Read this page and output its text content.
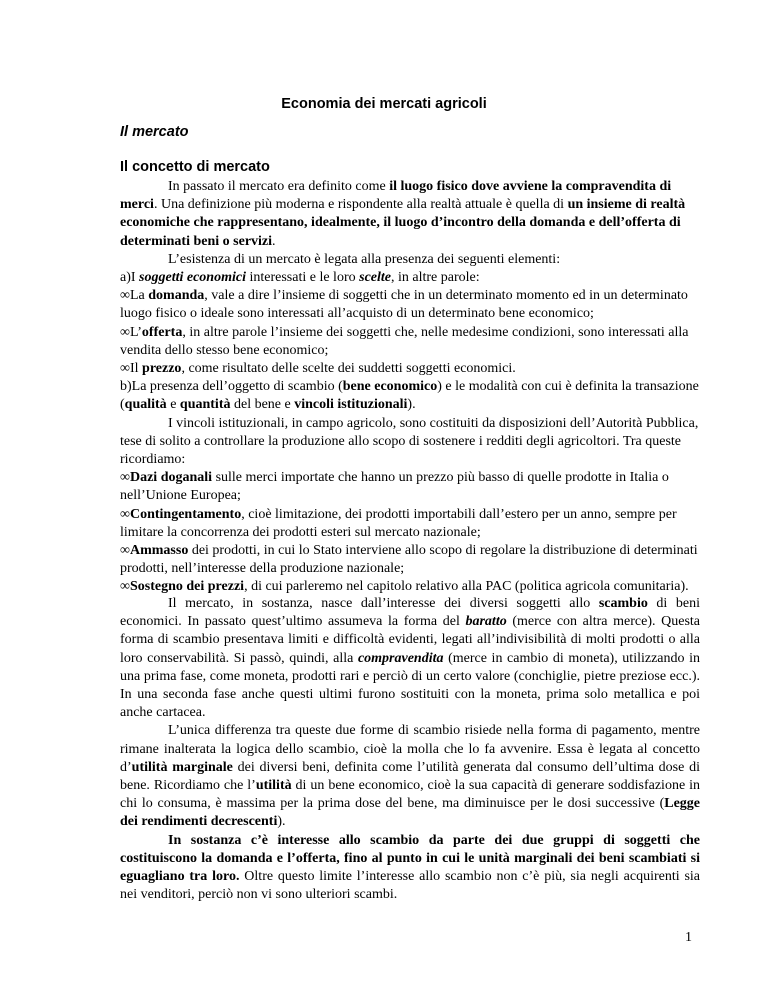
Economia dei mercati agricoli
Il mercato
Il concetto di mercato

In passato il mercato era definito come il luogo fisico dove avviene la compravendita di merci. Una definizione più moderna e rispondente alla realtà attuale è quella di un insieme di realtà economiche che rappresentano, idealmente, il luogo d’incontro della domanda e dell’offerta di determinati beni o servizi.

L’esistenza di un mercato è legata alla presenza dei seguenti elementi:

a)I soggetti economici interessati e le loro scelte, in altre parole:

∞La domanda, vale a dire l’insieme di soggetti che in un determinato momento ed in un determinato luogo fisico o ideale sono interessati all’acquisto di un determinato bene economico;

∞L’offerta, in altre parole l’insieme dei soggetti che, nelle medesime condizioni, sono interessati alla vendita dello stesso bene economico;

∞Il prezzo, come risultato delle scelte dei suddetti soggetti economici.

b)La presenza dell’oggetto di scambio (bene economico) e le modalità con cui è definita la transazione (qualità e quantità del bene e vincoli istituzionali).

I vincoli istituzionali, in campo agricolo, sono costituiti da disposizioni dell’Autorità Pubblica, tese di solito a controllare la produzione allo scopo di sostenere i redditi degli agricoltori. Tra queste ricordiamo:

∞Dazi doganali sulle merci importate che hanno un prezzo più basso di quelle prodotte in Italia o nell’Unione Europea;

∞Contingentamento, cioè limitazione, dei prodotti importabili dall’estero per un anno, sempre per limitare la concorrenza dei prodotti esteri sul mercato nazionale;

∞Ammasso dei prodotti, in cui lo Stato interviene allo scopo di regolare la distribuzione di determinati prodotti, nell’interesse della produzione nazionale;

∞Sostegno dei prezzi, di cui parleremo nel capitolo relativo alla PAC (politica agricola comunitaria).

Il mercato, in sostanza, nasce dall’interesse dei diversi soggetti allo scambio di beni economici. In passato quest’ultimo assumeva la forma del baratto (merce con altra merce). Questa forma di scambio presentava limiti e difficoltà evidenti, legati all’indivisibilità di molti prodotti o alla loro conservabilità. Si passò, quindi, alla compravendita (merce in cambio di moneta), utilizzando in una prima fase, come moneta, prodotti rari e perciò di un certo valore (conchiglie, pietre preziose ecc.). In una seconda fase anche questi ultimi furono sostituiti con la moneta, prima solo metallica e poi anche cartacea.

L’unica differenza tra queste due forme di scambio risiede nella forma di pagamento, mentre rimane inalterata la logica dello scambio, cioè la molla che lo fa avvenire. Essa è legata al concetto d’utilità marginale dei diversi beni, definita come l’utilità generata dal consumo dell’ultima dose di bene. Ricordiamo che l’utilità di un bene economico, cioè la sua capacità di generare soddisfazione in chi lo consuma, è massima per la prima dose del bene, ma diminuisce per le dosi successive (Legge dei rendimenti decrescenti).

In sostanza c’è interesse allo scambio da parte dei due gruppi di soggetti che costituiscono la domanda e l’offerta, fino al punto in cui le unità marginali dei beni scambiati si eguagliano tra loro. Oltre questo limite l’interesse allo scambio non c’è più, sia negli acquirenti sia nei venditori, perciò non vi sono ulteriori scambi.

1
